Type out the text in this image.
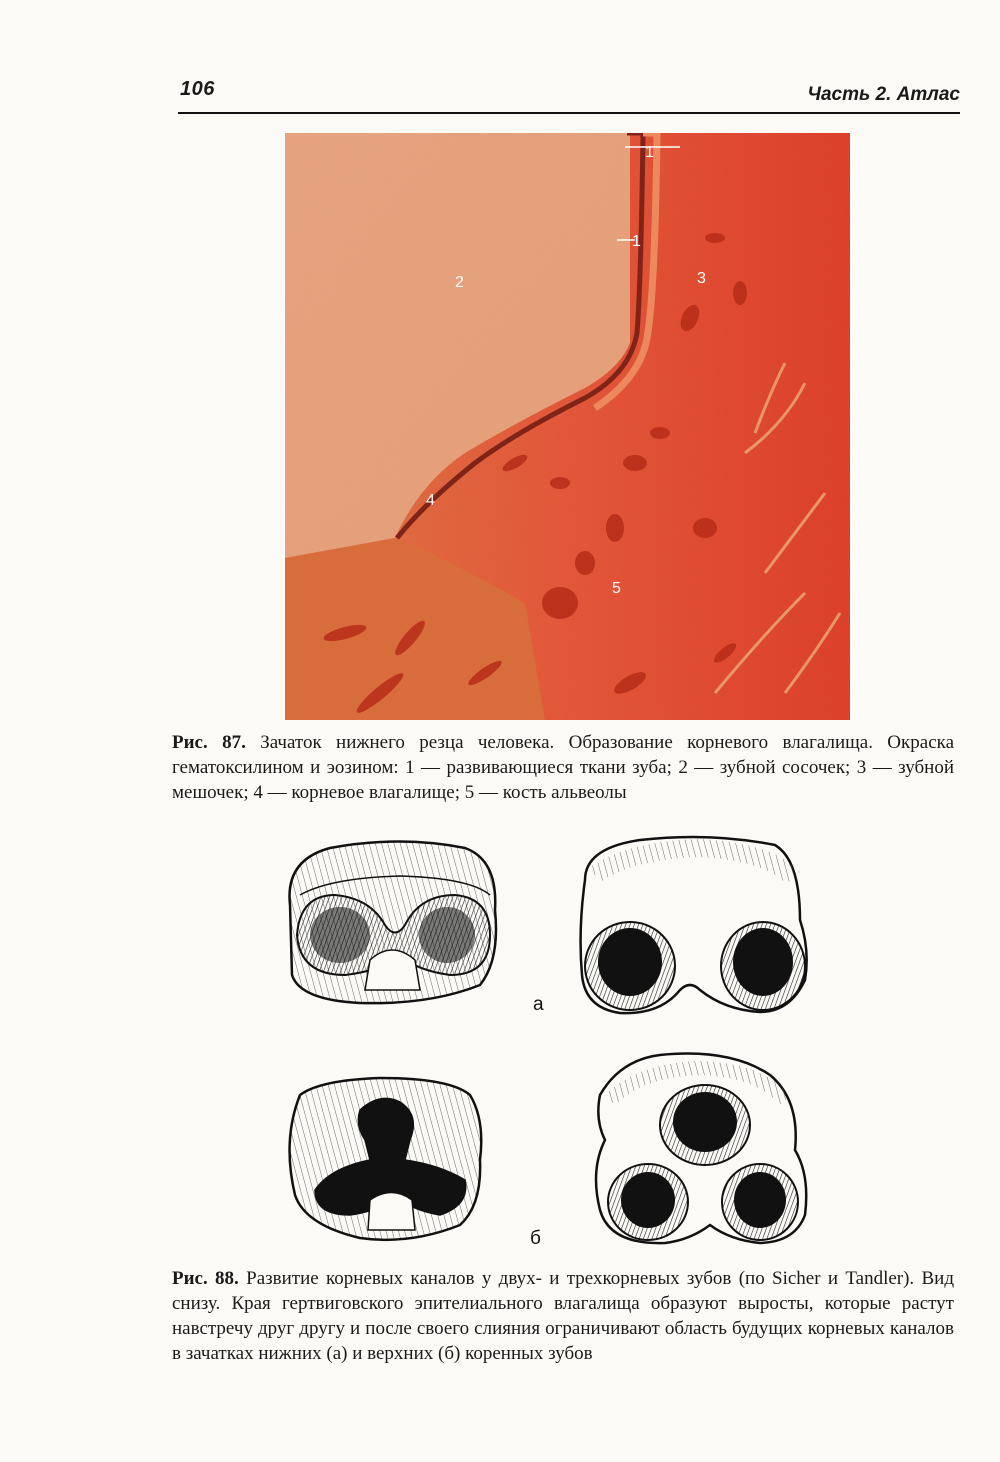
106	Часть 2. Атлас
1
1
2	3
4
5
Рис. 87. Зачаток нижнего резца человека. Образование корневого влагалища. Окраска гематоксилином и эозином: 1 — развивающиеся ткани зуба; 2 — зубной сосочек; 3 — зубной мешочек; 4 — корневое влагалище; 5 — кость альвеолы
а
б
Рис. 88. Развитие корневых каналов у двух- и трехкорневых зубов (по Sicher и Tandler). Вид снизу. Края гертвиговского эпителиального влагалища образуют выросты, которые растут навстречу друг другу и после своего слияния ограничивают область будущих корневых каналов в зачатках нижних (а) и верхних (б) коренных зубов
